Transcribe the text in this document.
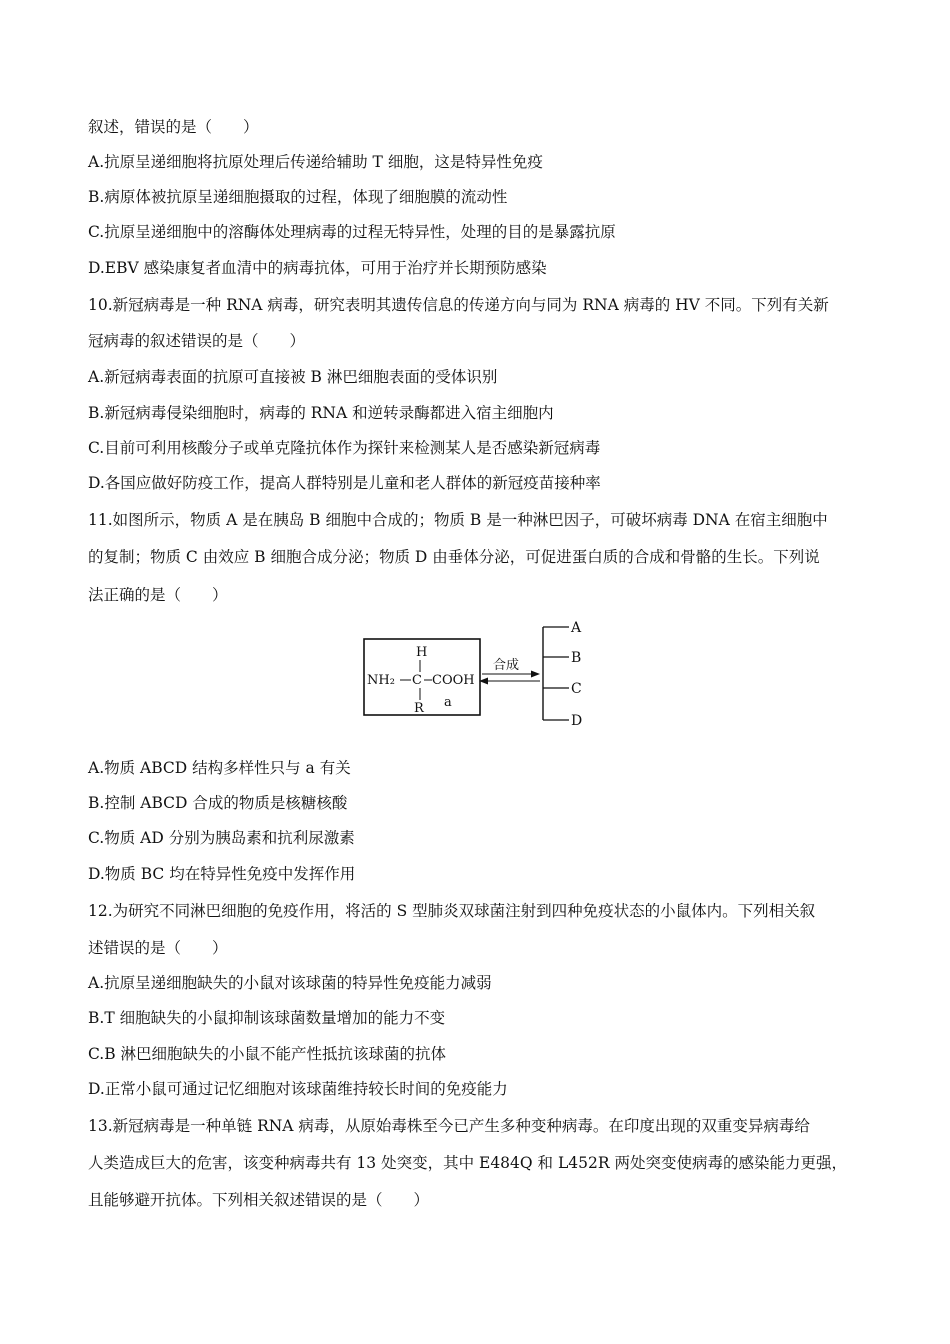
叙述，错误的是（　　）
A.抗原呈递细胞将抗原处理后传递给辅助 T 细胞，这是特异性免疫
B.病原体被抗原呈递细胞摄取的过程，体现了细胞膜的流动性
C.抗原呈递细胞中的溶酶体处理病毒的过程无特异性，处理的目的是暴露抗原
D.EBV 感染康复者血清中的病毒抗体，可用于治疗并长期预防感染
10.新冠病毒是一种 RNA 病毒，研究表明其遗传信息的传递方向与同为 RNA 病毒的 HV 不同。下列有关新
冠病毒的叙述错误的是（　　）
A.新冠病毒表面的抗原可直接被 B 淋巴细胞表面的受体识别
B.新冠病毒侵染细胞时，病毒的 RNA 和逆转录酶都进入宿主细胞内
C.目前可利用核酸分子或单克隆抗体作为探针来检测某人是否感染新冠病毒
D.各国应做好防疫工作，提高人群特别是儿童和老人群体的新冠疫苗接种率
11.如图所示，物质 A 是在胰岛 B 细胞中合成的；物质 B 是一种淋巴因子，可破坏病毒 DNA 在宿主细胞中
的复制；物质 C 由效应 B 细胞合成分泌；物质 D 由垂体分泌，可促进蛋白质的合成和骨骼的生长。下列说
法正确的是（　　）
H
NH₂ C COOH
R a
合成
A
B
C
D
A.物质 ABCD 结构多样性只与 a 有关
B.控制 ABCD 合成的物质是核糖核酸
C.物质 AD 分别为胰岛素和抗利尿激素
D.物质 BC 均在特异性免疫中发挥作用
12.为研究不同淋巴细胞的免疫作用，将活的 S 型肺炎双球菌注射到四种免疫状态的小鼠体内。下列相关叙
述错误的是（　　）
A.抗原呈递细胞缺失的小鼠对该球菌的特异性免疫能力减弱
B.T 细胞缺失的小鼠抑制该球菌数量增加的能力不变
C.B 淋巴细胞缺失的小鼠不能产性抵抗该球菌的抗体
D.正常小鼠可通过记忆细胞对该球菌维持较长时间的免疫能力
13.新冠病毒是一种单链 RNA 病毒，从原始毒株至今已产生多种变种病毒。在印度出现的双重变异病毒给
人类造成巨大的危害，该变种病毒共有 13 处突变，其中 E484Q 和 L452R 两处突变使病毒的感染能力更强，
且能够避开抗体。下列相关叙述错误的是（　　）
